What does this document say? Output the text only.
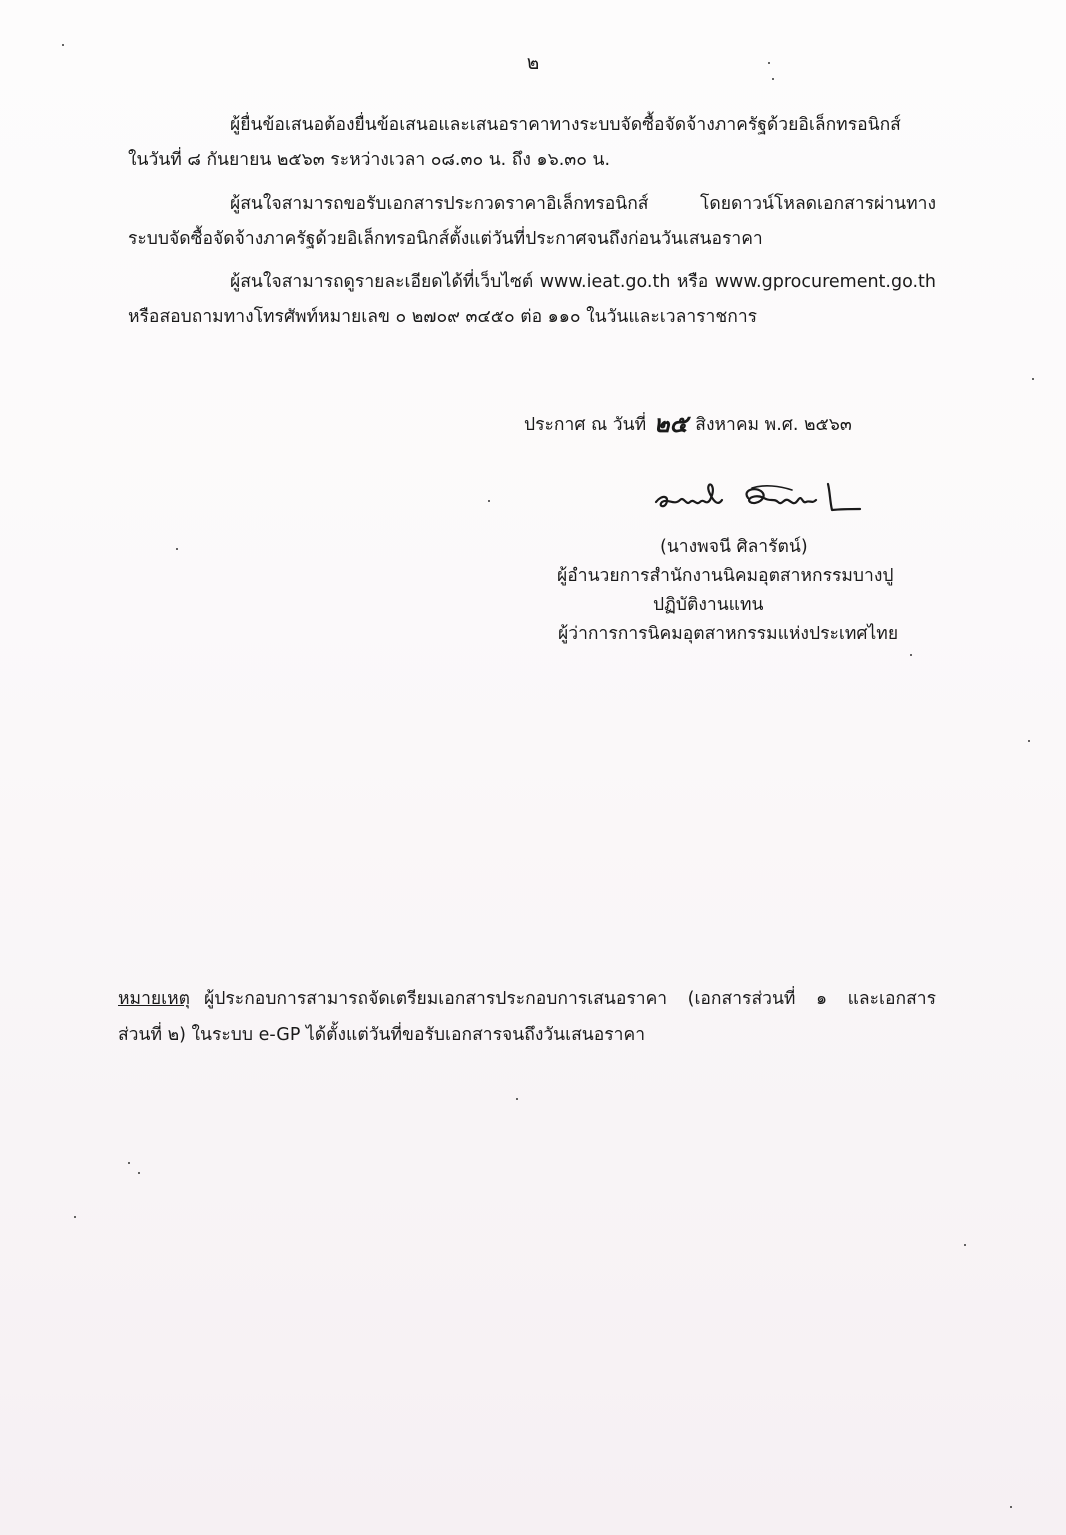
๒
ผู้ยื่นข้อเสนอต้องยื่นข้อเสนอและเสนอราคาทางระบบจัดซื้อจัดจ้างภาครัฐด้วยอิเล็กทรอนิกส์
ในวันที่ ๘ กันยายน ๒๕๖๓ ระหว่างเวลา ๐๘.๓๐ น. ถึง ๑๖.๓๐ น.
ผู้สนใจสามารถขอรับเอกสารประกวดราคาอิเล็กทรอนิกส์ โดยดาวน์โหลดเอกสารผ่านทาง
ระบบจัดซื้อจัดจ้างภาครัฐด้วยอิเล็กทรอนิกส์ตั้งแต่วันที่ประกาศจนถึงก่อนวันเสนอราคา
ผู้สนใจสามารถดูรายละเอียดได้ที่เว็บไซต์ www.ieat.go.th หรือ www.gprocurement.go.th
หรือสอบถามทางโทรศัพท์หมายเลข ๐ ๒๗๐๙ ๓๔๕๐ ต่อ ๑๑๐ ในวันและเวลาราชการ
ประกาศ ณ วันที่ ๒๕ สิงหาคม พ.ศ. ๒๕๖๓
(นางพจนี ศิลารัตน์)
ผู้อำนวยการสำนักงานนิคมอุตสาหกรรมบางปู
ปฏิบัติงานแทน
ผู้ว่าการการนิคมอุตสาหกรรมแห่งประเทศไทย
หมายเหตุ ผู้ประกอบการสามารถจัดเตรียมเอกสารประกอบการเสนอราคา (เอกสารส่วนที่ ๑ และเอกสาร
ส่วนที่ ๒) ในระบบ e-GP ได้ตั้งแต่วันที่ขอรับเอกสารจนถึงวันเสนอราคา
